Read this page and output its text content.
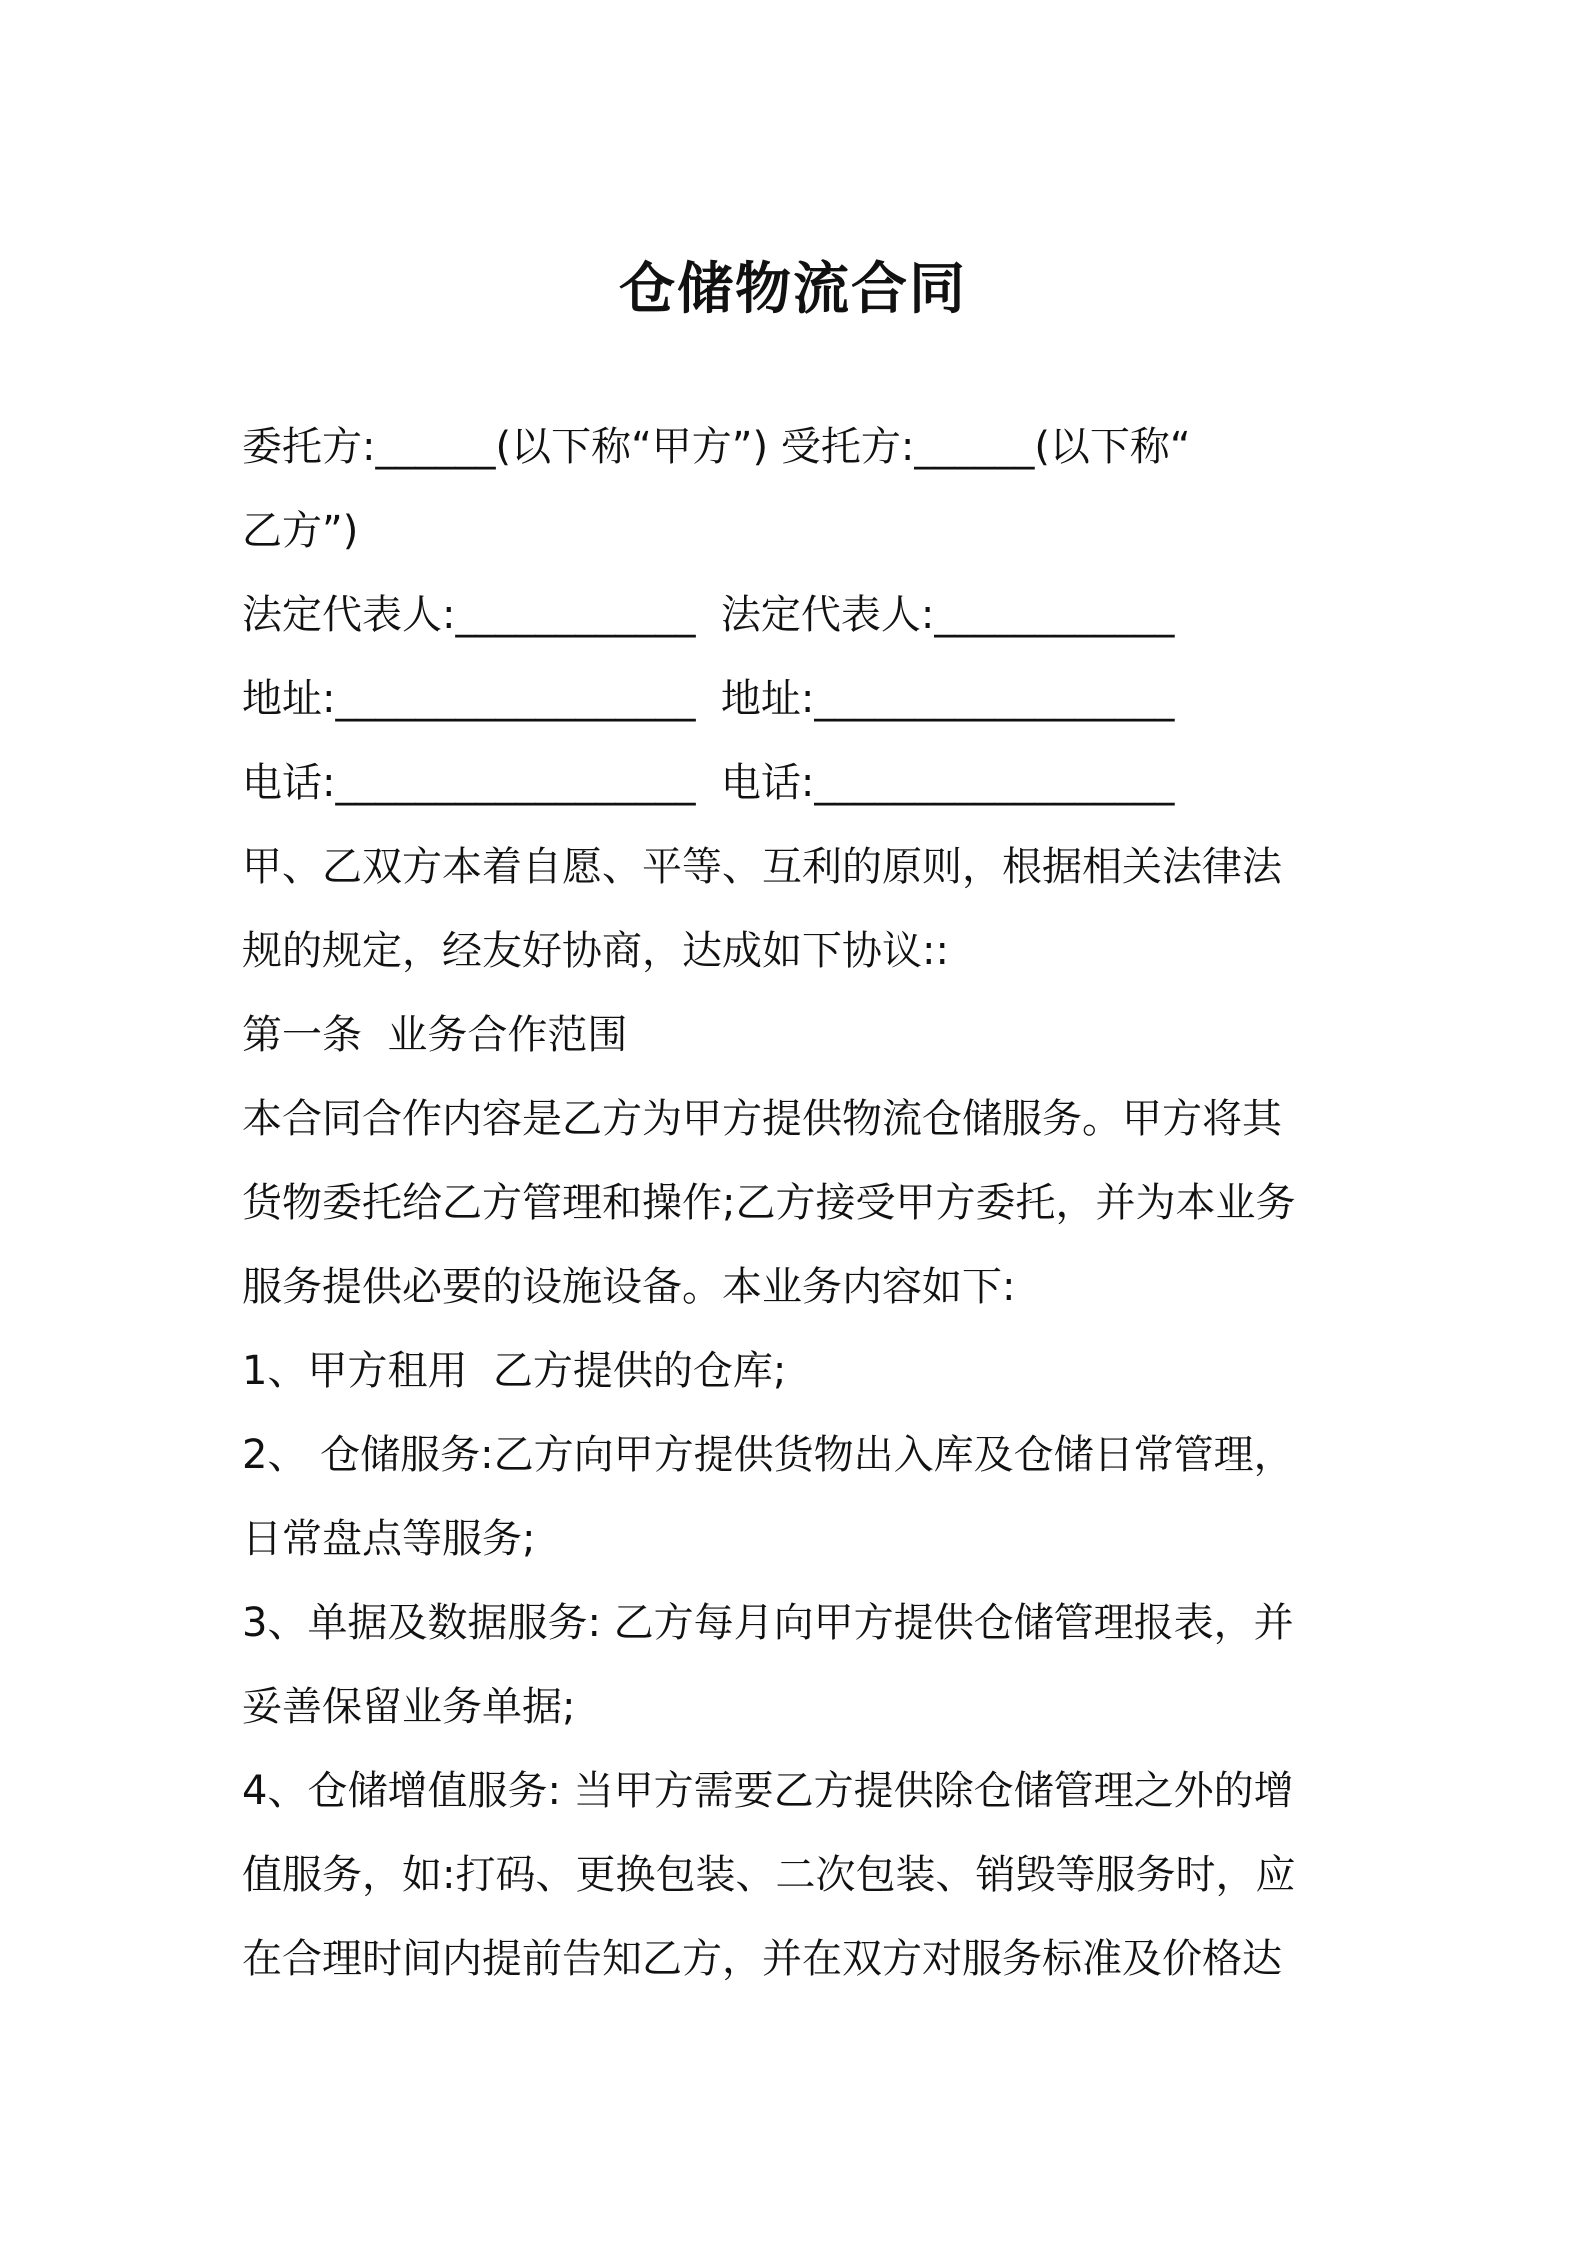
仓储物流合同

委托方:______(以下称“甲方”) 受托方:______(以下称“

乙方”)

法定代表人:____________  法定代表人:____________

地址:__________________  地址:__________________

电话:__________________  电话:__________________

甲、乙双方本着自愿、平等、互利的原则，根据相关法律法

规的规定，经友好协商，达成如下协议::

第一条  业务合作范围

本合同合作内容是乙方为甲方提供物流仓储服务。甲方将其

货物委托给乙方管理和操作;乙方接受甲方委托，并为本业务

服务提供必要的设施设备。本业务内容如下:

1、甲方租用  乙方提供的仓库;

2、 仓储服务:乙方向甲方提供货物出入库及仓储日常管理，

日常盘点等服务;

3、单据及数据服务: 乙方每月向甲方提供仓储管理报表，并

妥善保留业务单据;

4、仓储增值服务: 当甲方需要乙方提供除仓储管理之外的增

值服务，如:打码、更换包装、二次包装、销毁等服务时，应

在合理时间内提前告知乙方，并在双方对服务标准及价格达
